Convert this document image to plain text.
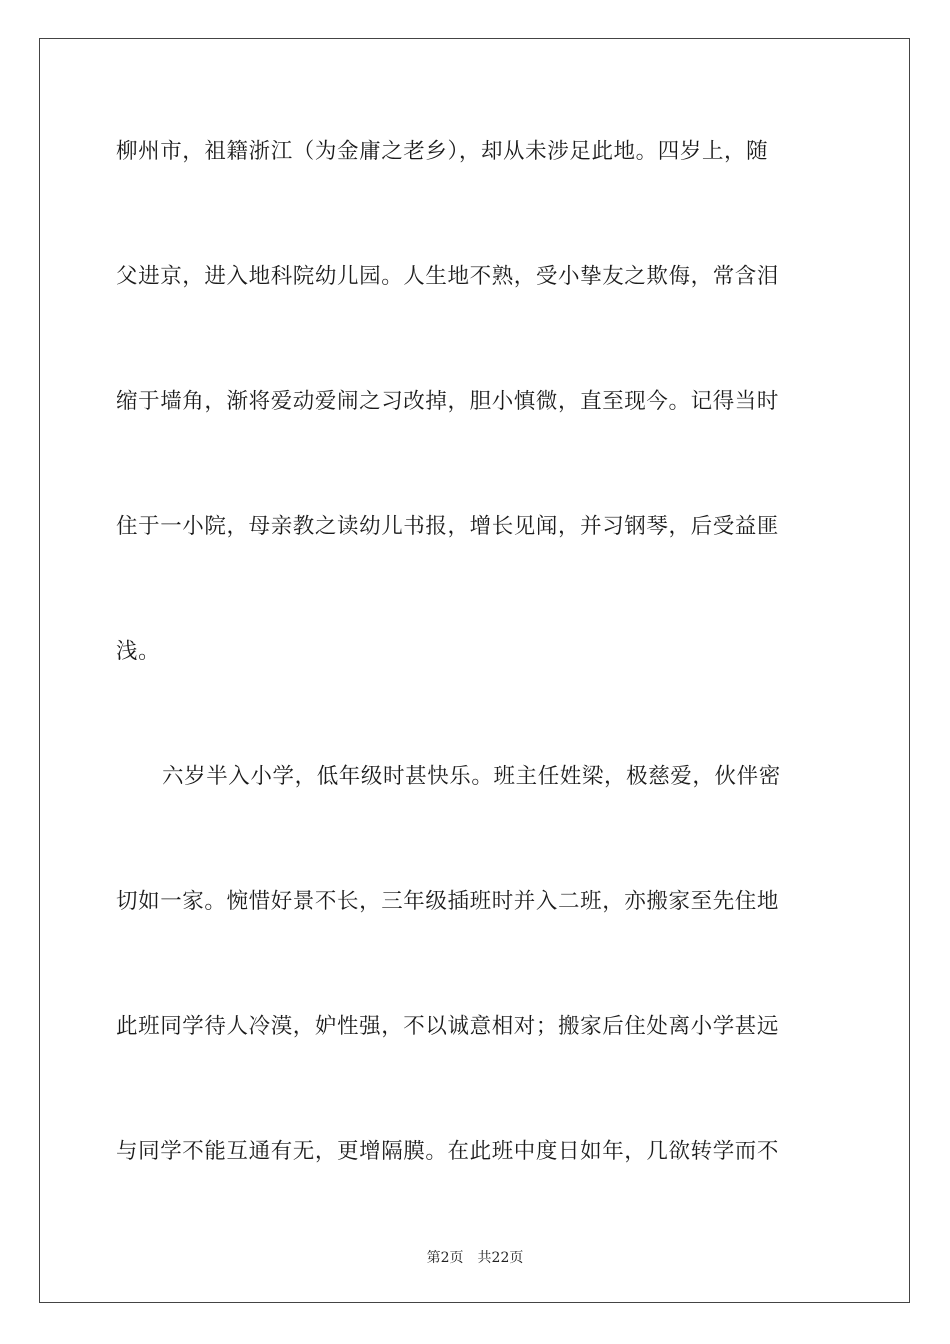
柳州市，祖籍浙江（为金庸之老乡），却从未涉足此地。四岁上，随
父进京，进入地科院幼儿园。人生地不熟，受小挚友之欺侮，常含泪
缩于墙角，渐将爱动爱闹之习改掉，胆小慎微，直至现今。记得当时
住于一小院，母亲教之读幼儿书报，增长见闻，并习钢琴，后受益匪
浅。
六岁半入小学，低年级时甚快乐。班主任姓梁，极慈爱，伙伴密
切如一家。惋惜好景不长，三年级插班时并入二班，亦搬家至先住地
此班同学待人冷漠，妒性强，不以诚意相对；搬家后住处离小学甚远
与同学不能互通有无，更增隔膜。在此班中度日如年，几欲转学而不
第2页 共22页
